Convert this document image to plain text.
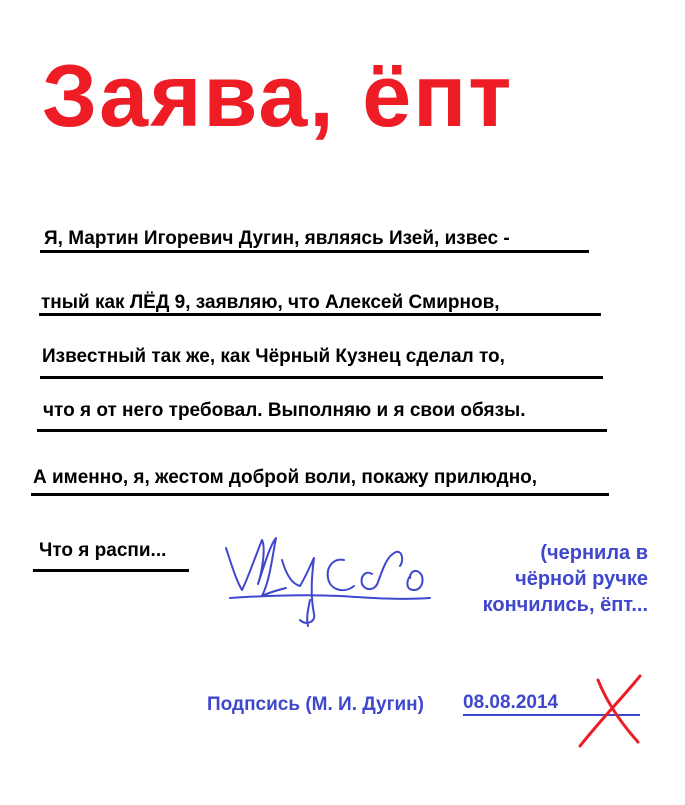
Заява, ёпт
Я, Мартин Игоревич Дугин, являясь Изей, извес -
тный как ЛЁД 9, заявляю, что Алексей Смирнов,
Известный так же, как Чёрный Кузнец сделал то,
что я от него требовал. Выполняю и я свои обязы.
А именно, я, жестом доброй воли, покажу прилюдно,
Что я распи...	(чернила в
чёрной ручке
кончились, ёпт...
Подпсись (М. И. Дугин) 08.08.2014
